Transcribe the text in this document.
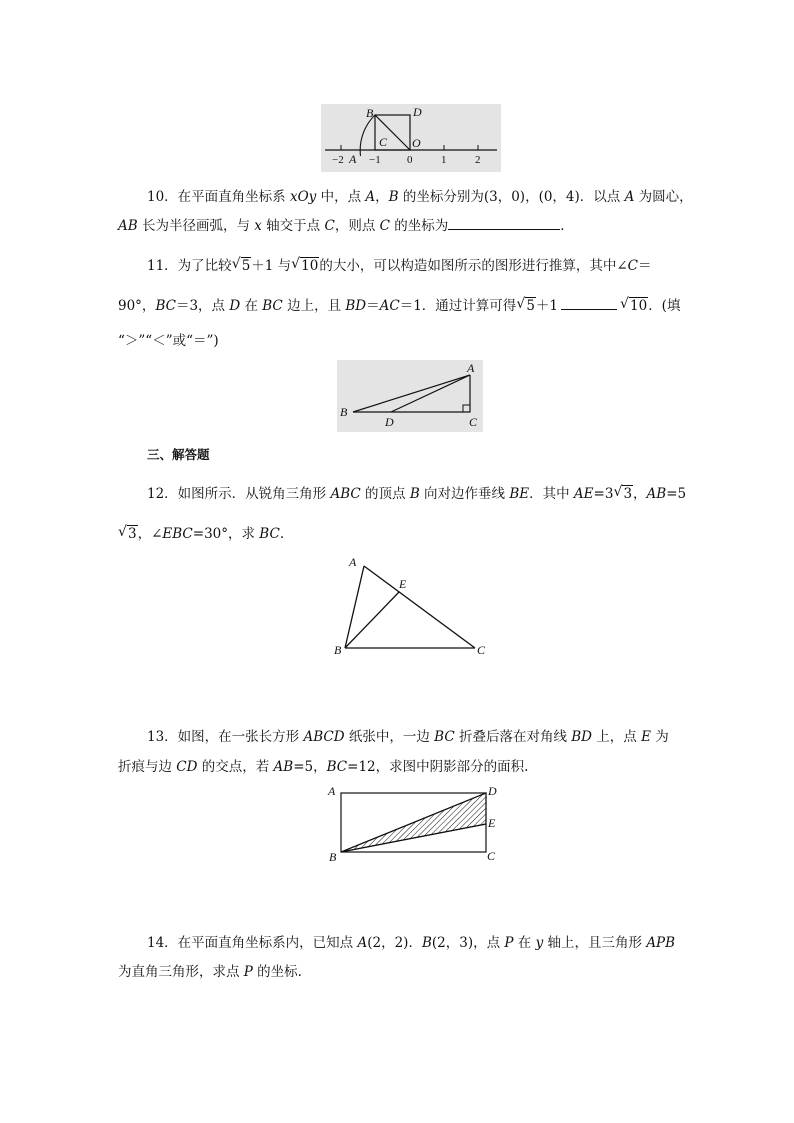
B	D
C O
A
−2 −1 0	1	2
10．在平面直角坐标系 xOy 中，点 A，B 的坐标分别为(3，0)，(0，4)．以点 A 为圆心，
AB 长为半径画弧，与 x 轴交于点 C，则点 C 的坐标为	．
11．为了比较 √ 5＋1 与 √ 10的大小，可以构造如图所示的图形进行推算，其中∠C＝
90°，BC＝3，点 D 在 BC 边上，且 BD＝AC＝1．通过计算可得 √ 5＋1	√ 10．(填
“＞”“＜”或“＝”)
A
B
D	C
三、解答题
12．如图所示．从锐角三角形 ABC 的顶点 B 向对边作垂线 BE．其中 AE=3 √ 3，AB=5
√ 3，∠EBC=30°，求 BC.
A
E
B	C
13．如图，在一张长方形 ABCD 纸张中，一边 BC 折叠后落在对角线 BD 上，点 E 为
折痕与边 CD 的交点，若 AB=5，BC=12，求图中阴影部分的面积.
A	D
E
B	C
14．在平面直角坐标系内，已知点 A(2，2)．B(2，3)，点 P 在 y 轴上，且三角形 APB
为直角三角形，求点 P 的坐标.
